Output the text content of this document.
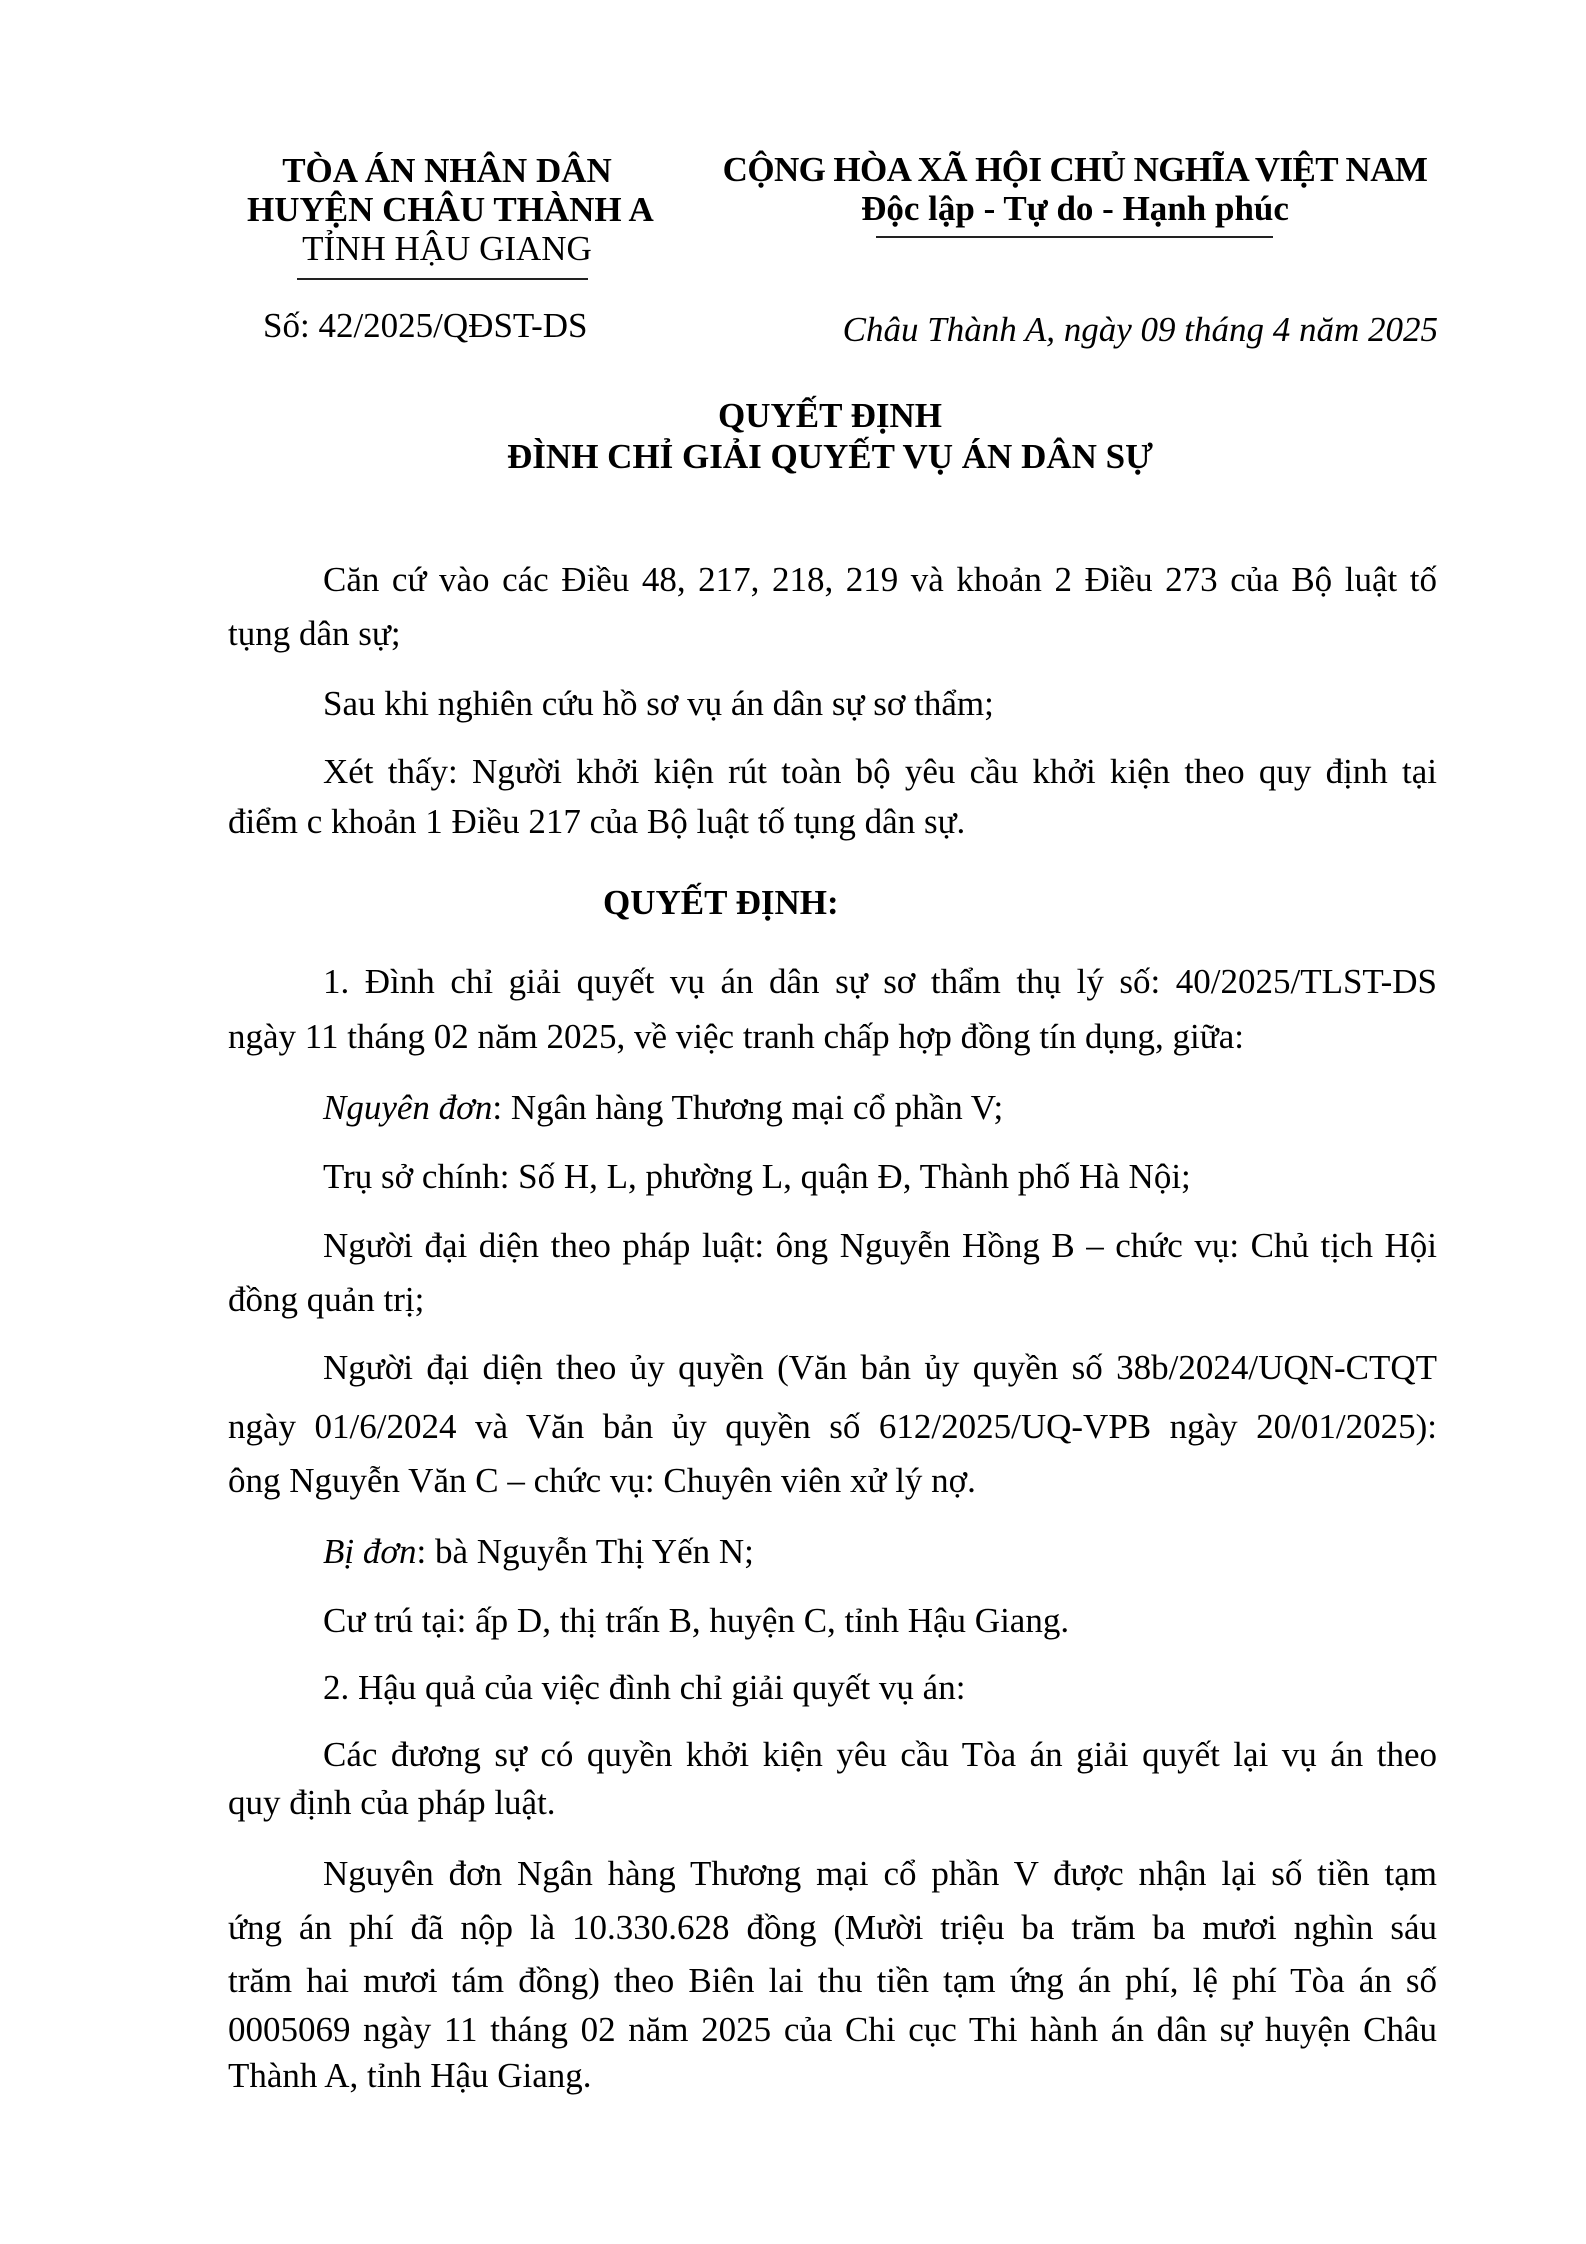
TÒA ÁN NHÂN DÂN
HUYỆN CHÂU THÀNH A
TỈNH HẬU GIANG
CỘNG HÒA XÃ HỘI CHỦ NGHĨA VIỆT NAM
Độc lập - Tự do - Hạnh phúc
Số: 42/2025/QĐST-DS	Châu Thành A, ngày 09 tháng 4 năm 2025
QUYẾT ĐỊNH
ĐÌNH CHỈ GIẢI QUYẾT VỤ ÁN DÂN SỰ
Căn cứ vào các Điều 48, 217, 218, 219 và khoản 2 Điều 273 của Bộ luật tố
tụng dân sự;
Sau khi nghiên cứu hồ sơ vụ án dân sự sơ thẩm;
Xét thấy: Người khởi kiện rút toàn bộ yêu cầu khởi kiện theo quy định tại
điểm c khoản 1 Điều 217 của Bộ luật tố tụng dân sự.
QUYẾT ĐỊNH:
1. Đình chỉ giải quyết vụ án dân sự sơ thẩm thụ lý số: 40/2025/TLST-DS
ngày 11 tháng 02 năm 2025, về việc tranh chấp hợp đồng tín dụng, giữa:
Nguyên đơn: Ngân hàng Thương mại cổ phần V;
Trụ sở chính: Số H, L, phường L, quận Đ, Thành phố Hà Nội;
Người đại diện theo pháp luật: ông Nguyễn Hồng B – chức vụ: Chủ tịch Hội
đồng quản trị;
Người đại diện theo ủy quyền (Văn bản ủy quyền số 38b/2024/UQN-CTQT
ngày 01/6/2024 và Văn bản ủy quyền số 612/2025/UQ-VPB ngày 20/01/2025):
ông Nguyễn Văn C – chức vụ: Chuyên viên xử lý nợ.
Bị đơn: bà Nguyễn Thị Yến N;
Cư trú tại: ấp D, thị trấn B, huyện C, tỉnh Hậu Giang.
2. Hậu quả của việc đình chỉ giải quyết vụ án:
Các đương sự có quyền khởi kiện yêu cầu Tòa án giải quyết lại vụ án theo
quy định của pháp luật.
Nguyên đơn Ngân hàng Thương mại cổ phần V được nhận lại số tiền tạm
ứng án phí đã nộp là 10.330.628 đồng (Mười triệu ba trăm ba mươi nghìn sáu
trăm hai mươi tám đồng) theo Biên lai thu tiền tạm ứng án phí, lệ phí Tòa án số
0005069 ngày 11 tháng 02 năm 2025 của Chi cục Thi hành án dân sự huyện Châu
Thành A, tỉnh Hậu Giang.
